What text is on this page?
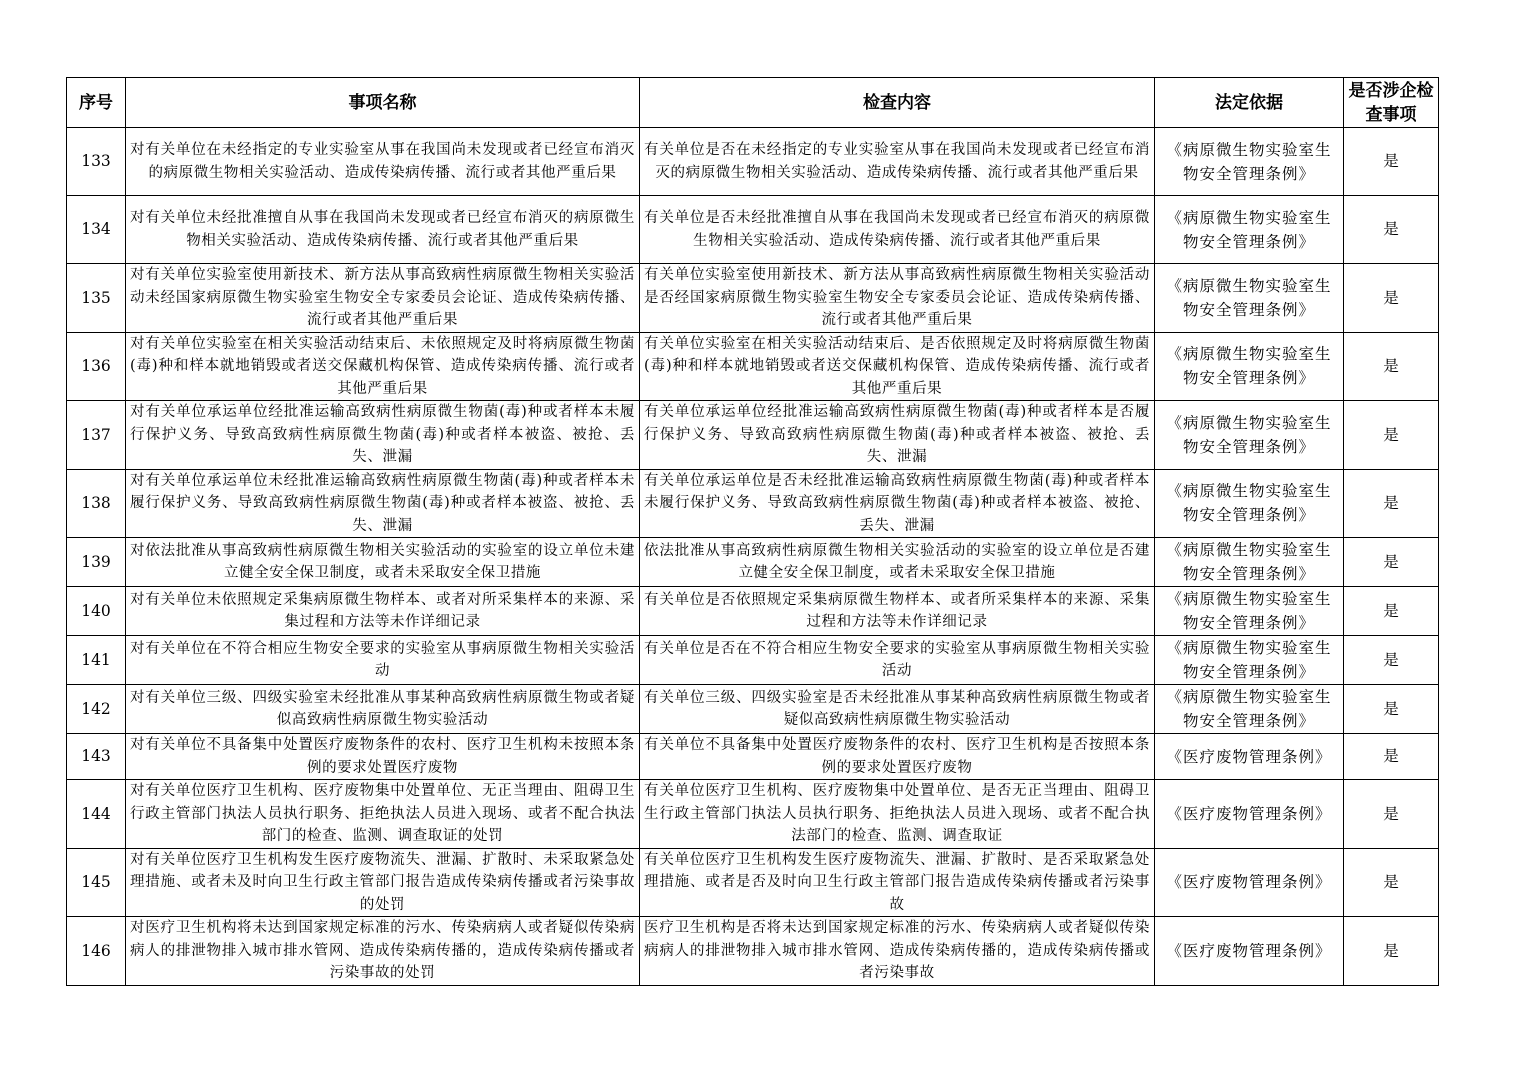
序号	事项名称	检查内容	法定依据	是否涉企检查事项
133	对有关单位在未经指定的专业实验室从事在我国尚未发现或者已经宣布消灭的病原微生物相关实验活动、造成传染病传播、流行或者其他严重后果	有关单位是否在未经指定的专业实验室从事在我国尚未发现或者已经宣布消灭的病原微生物相关实验活动、造成传染病传播、流行或者其他严重后果	《病原微生物实验室生物安全管理条例》	是
134	对有关单位未经批准擅自从事在我国尚未发现或者已经宣布消灭的病原微生物相关实验活动、造成传染病传播、流行或者其他严重后果	有关单位是否未经批准擅自从事在我国尚未发现或者已经宣布消灭的病原微生物相关实验活动、造成传染病传播、流行或者其他严重后果	《病原微生物实验室生物安全管理条例》	是
135	对有关单位实验室使用新技术、新方法从事高致病性病原微生物相关实验活动未经国家病原微生物实验室生物安全专家委员会论证、造成传染病传播、流行或者其他严重后果	有关单位实验室使用新技术、新方法从事高致病性病原微生物相关实验活动是否经国家病原微生物实验室生物安全专家委员会论证、造成传染病传播、流行或者其他严重后果	《病原微生物实验室生物安全管理条例》	是
136	对有关单位实验室在相关实验活动结束后、未依照规定及时将病原微生物菌(毒)种和样本就地销毁或者送交保藏机构保管、造成传染病传播、流行或者其他严重后果	有关单位实验室在相关实验活动结束后、是否依照规定及时将病原微生物菌(毒)种和样本就地销毁或者送交保藏机构保管、造成传染病传播、流行或者其他严重后果	《病原微生物实验室生物安全管理条例》	是
137	对有关单位承运单位经批准运输高致病性病原微生物菌(毒)种或者样本未履行保护义务、导致高致病性病原微生物菌(毒)种或者样本被盗、被抢、丢失、泄漏	有关单位承运单位经批准运输高致病性病原微生物菌(毒)种或者样本是否履行保护义务、导致高致病性病原微生物菌(毒)种或者样本被盗、被抢、丢失、泄漏	《病原微生物实验室生物安全管理条例》	是
138	对有关单位承运单位未经批准运输高致病性病原微生物菌(毒)种或者样本未履行保护义务、导致高致病性病原微生物菌(毒)种或者样本被盗、被抢、丢失、泄漏	有关单位承运单位是否未经批准运输高致病性病原微生物菌(毒)种或者样本未履行保护义务、导致高致病性病原微生物菌(毒)种或者样本被盗、被抢、丢失、泄漏	《病原微生物实验室生物安全管理条例》	是
139	对依法批准从事高致病性病原微生物相关实验活动的实验室的设立单位未建立健全安全保卫制度，或者未采取安全保卫措施	依法批准从事高致病性病原微生物相关实验活动的实验室的设立单位是否建立健全安全保卫制度，或者未采取安全保卫措施	《病原微生物实验室生物安全管理条例》	是
140	对有关单位未依照规定采集病原微生物样本、或者对所采集样本的来源、采集过程和方法等未作详细记录	有关单位是否依照规定采集病原微生物样本、或者所采集样本的来源、采集过程和方法等未作详细记录	《病原微生物实验室生物安全管理条例》	是
141	对有关单位在不符合相应生物安全要求的实验室从事病原微生物相关实验活动	有关单位是否在不符合相应生物安全要求的实验室从事病原微生物相关实验活动	《病原微生物实验室生物安全管理条例》	是
142	对有关单位三级、四级实验室未经批准从事某种高致病性病原微生物或者疑似高致病性病原微生物实验活动	有关单位三级、四级实验室是否未经批准从事某种高致病性病原微生物或者疑似高致病性病原微生物实验活动	《病原微生物实验室生物安全管理条例》	是
143	对有关单位不具备集中处置医疗废物条件的农村、医疗卫生机构未按照本条例的要求处置医疗废物	有关单位不具备集中处置医疗废物条件的农村、医疗卫生机构是否按照本条例的要求处置医疗废物	《医疗废物管理条例》	是
144	对有关单位医疗卫生机构、医疗废物集中处置单位、无正当理由、阻碍卫生行政主管部门执法人员执行职务、拒绝执法人员进入现场、或者不配合执法部门的检查、监测、调查取证的处罚	有关单位医疗卫生机构、医疗废物集中处置单位、是否无正当理由、阻碍卫生行政主管部门执法人员执行职务、拒绝执法人员进入现场、或者不配合执法部门的检查、监测、调查取证	《医疗废物管理条例》	是
145	对有关单位医疗卫生机构发生医疗废物流失、泄漏、扩散时、未采取紧急处理措施、或者未及时向卫生行政主管部门报告造成传染病传播或者污染事故的处罚	有关单位医疗卫生机构发生医疗废物流失、泄漏、扩散时、是否采取紧急处理措施、或者是否及时向卫生行政主管部门报告造成传染病传播或者污染事故	《医疗废物管理条例》	是
146	对医疗卫生机构将未达到国家规定标准的污水、传染病病人或者疑似传染病病人的排泄物排入城市排水管网、造成传染病传播的，造成传染病传播或者污染事故的处罚	医疗卫生机构是否将未达到国家规定标准的污水、传染病病人或者疑似传染病病人的排泄物排入城市排水管网、造成传染病传播的，造成传染病传播或者污染事故	《医疗废物管理条例》	是
